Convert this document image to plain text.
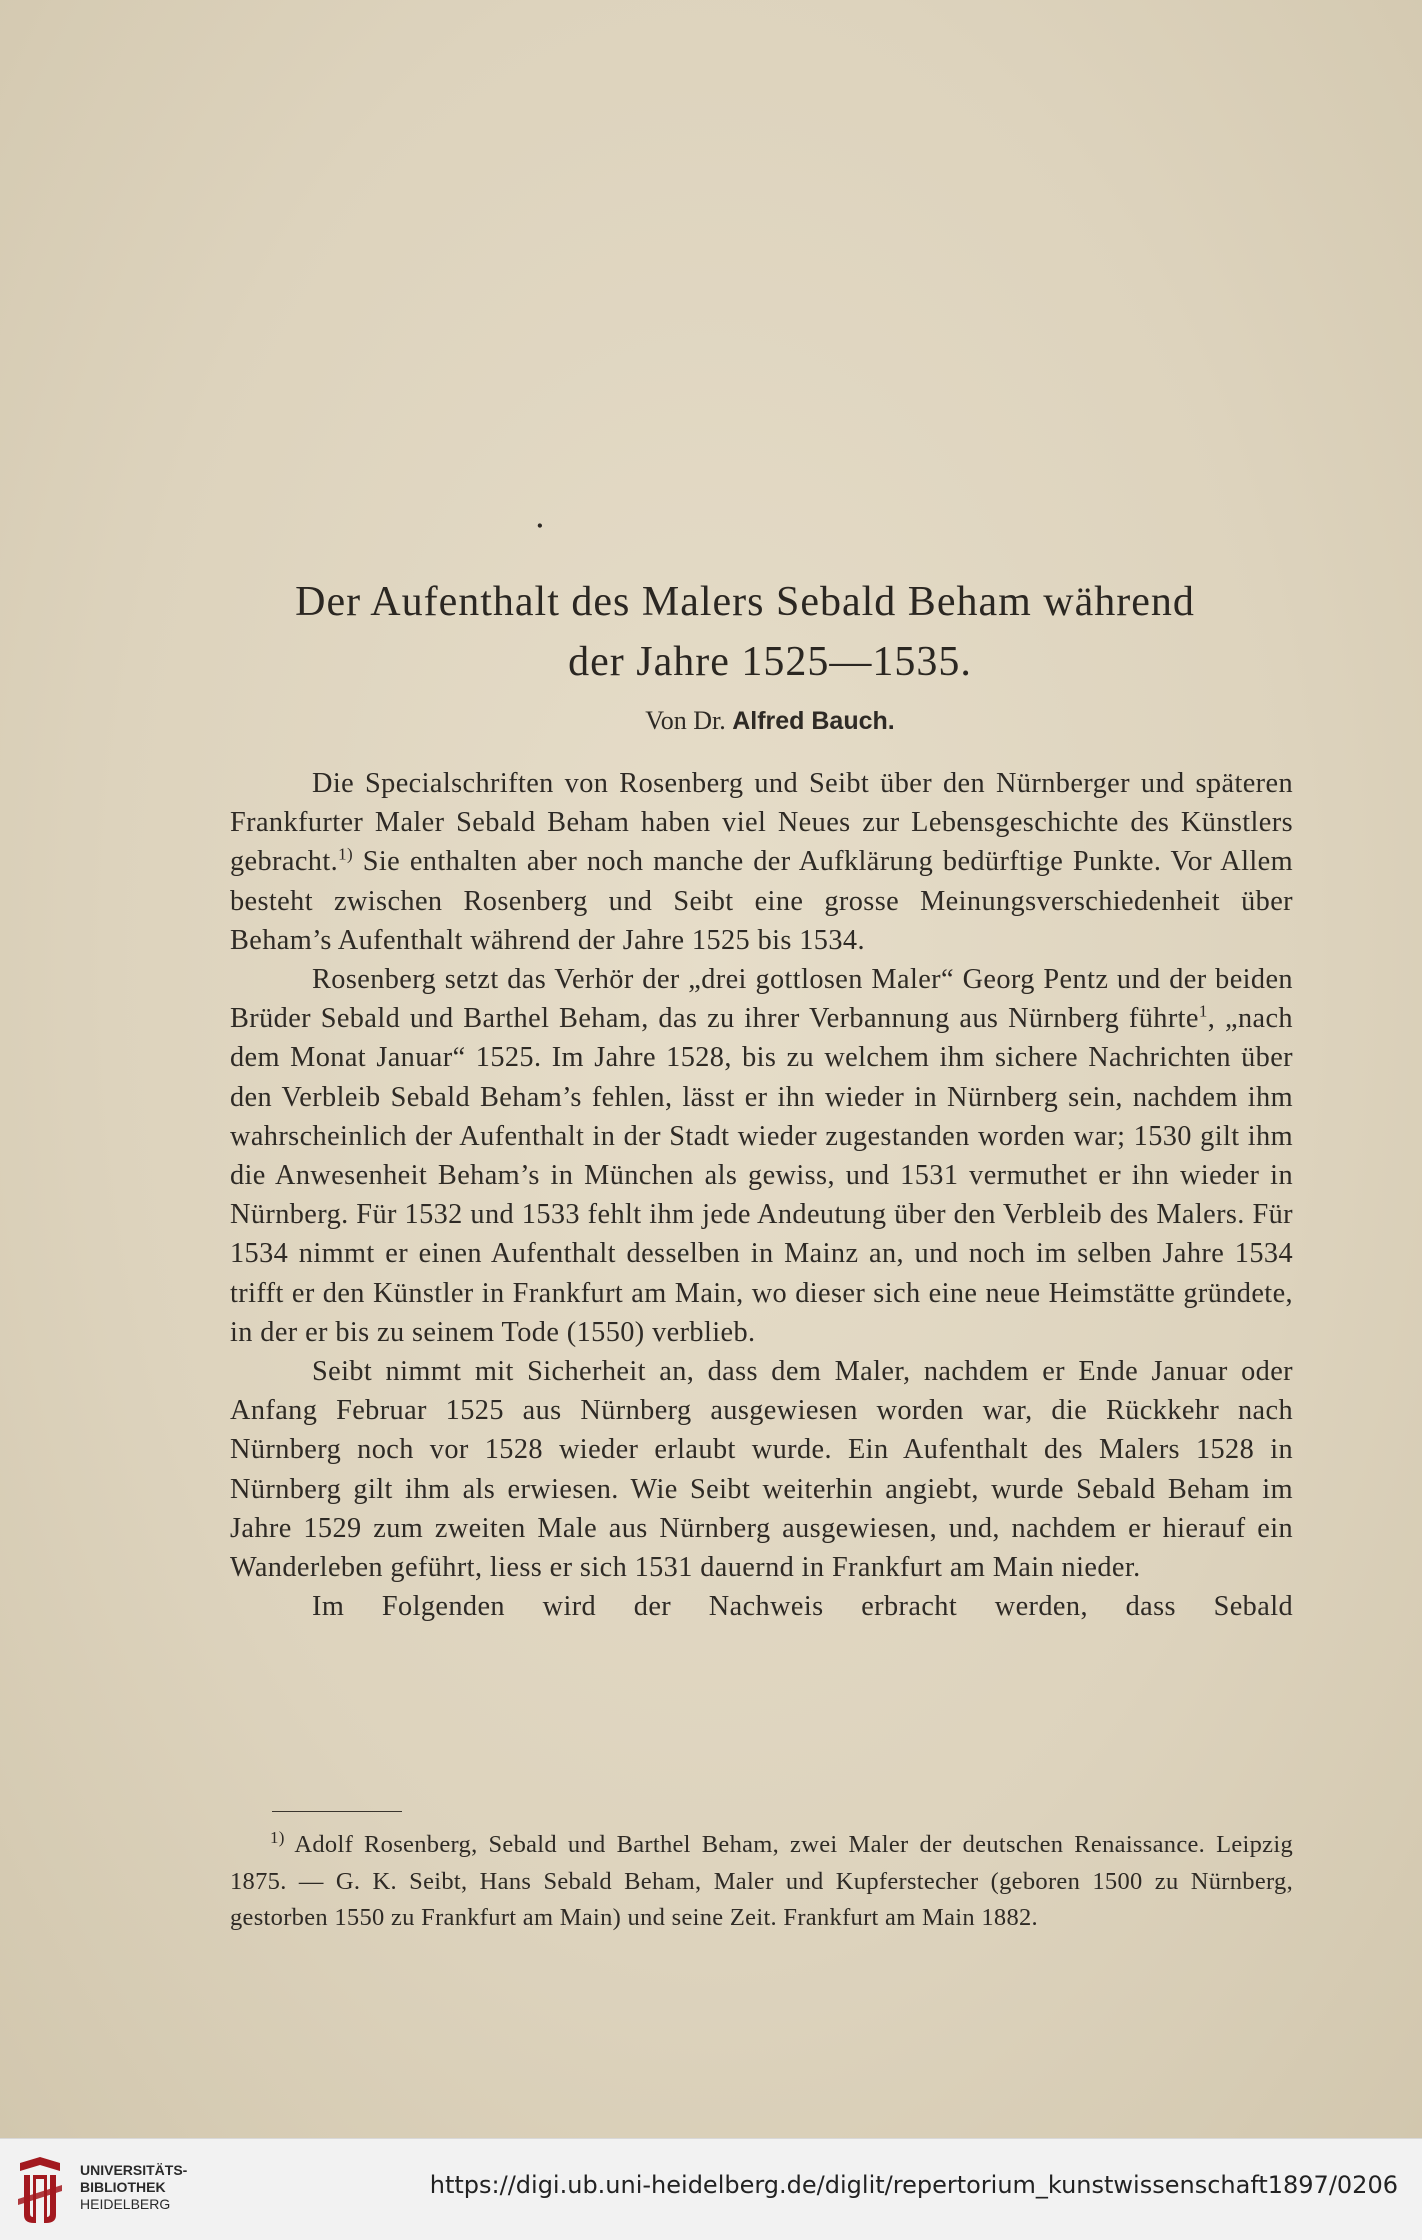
•
Der Aufenthalt des Malers Sebald Beham während
der Jahre 1525—1535.
Von Dr. Alfred Bauch.

Die Specialschriften von Rosenberg und Seibt über den Nürnberger und späteren Frankfurter Maler Sebald Beham haben viel Neues zur Lebensgeschichte des Künstlers gebracht.$^{1)}$ Sie enthalten aber noch manche der Aufklärung bedürftige Punkte. Vor Allem besteht zwischen Rosenberg und Seibt eine grosse Meinungsverschiedenheit über Beham’s Aufenthalt während der Jahre 1525 bis 1534.

Rosenberg setzt das Verhör der „drei gottlosen Maler“ Georg Pentz und der beiden Brüder Sebald und Barthel Beham, das zu ihrer Verbannung aus Nürnberg führte$^1$, „nach dem Monat Januar“ 1525. Im Jahre 1528, bis zu welchem ihm sichere Nachrichten über den Verbleib Sebald Beham’s fehlen, lässt er ihn wieder in Nürnberg sein, nachdem ihm wahrscheinlich der Aufenthalt in der Stadt wieder zugestanden worden war; 1530 gilt ihm die Anwesenheit Beham’s in München als gewiss, und 1531 vermuthet er ihn wieder in Nürnberg. Für 1532 und 1533 fehlt ihm jede Andeutung über den Verbleib des Malers. Für 1534 nimmt er einen Aufenthalt desselben in Mainz an, und noch im selben Jahre 1534 trifft er den Künstler in Frankfurt am Main, wo dieser sich eine neue Heimstätte gründete, in der er bis zu seinem Tode (1550) verblieb.

Seibt nimmt mit Sicherheit an, dass dem Maler, nachdem er Ende Januar oder Anfang Februar 1525 aus Nürnberg ausgewiesen worden war, die Rückkehr nach Nürnberg noch vor 1528 wieder erlaubt wurde. Ein Aufenthalt des Malers 1528 in Nürnberg gilt ihm als erwiesen. Wie Seibt weiterhin angiebt, wurde Sebald Beham im Jahre 1529 zum zweiten Male aus Nürnberg ausgewiesen, und, nachdem er hierauf ein Wanderleben geführt, liess er sich 1531 dauernd in Frankfurt am Main nieder.

Im Folgenden wird der Nachweis erbracht werden, dass Sebald

$^{1)}$ Adolf Rosenberg, Sebald und Barthel Beham, zwei Maler der deutschen Renaissance. Leipzig 1875. — G. K. Seibt, Hans Sebald Beham, Maler und Kupferstecher (geboren 1500 zu Nürnberg, gestorben 1550 zu Frankfurt am Main) und seine Zeit. Frankfurt am Main 1882.

UNIVERSITÄTS-
BIBLIOTHEK
HEIDELBERG
https://digi.ub.uni-heidelberg.de/diglit/repertorium_kunstwissenschaft1897/0206
